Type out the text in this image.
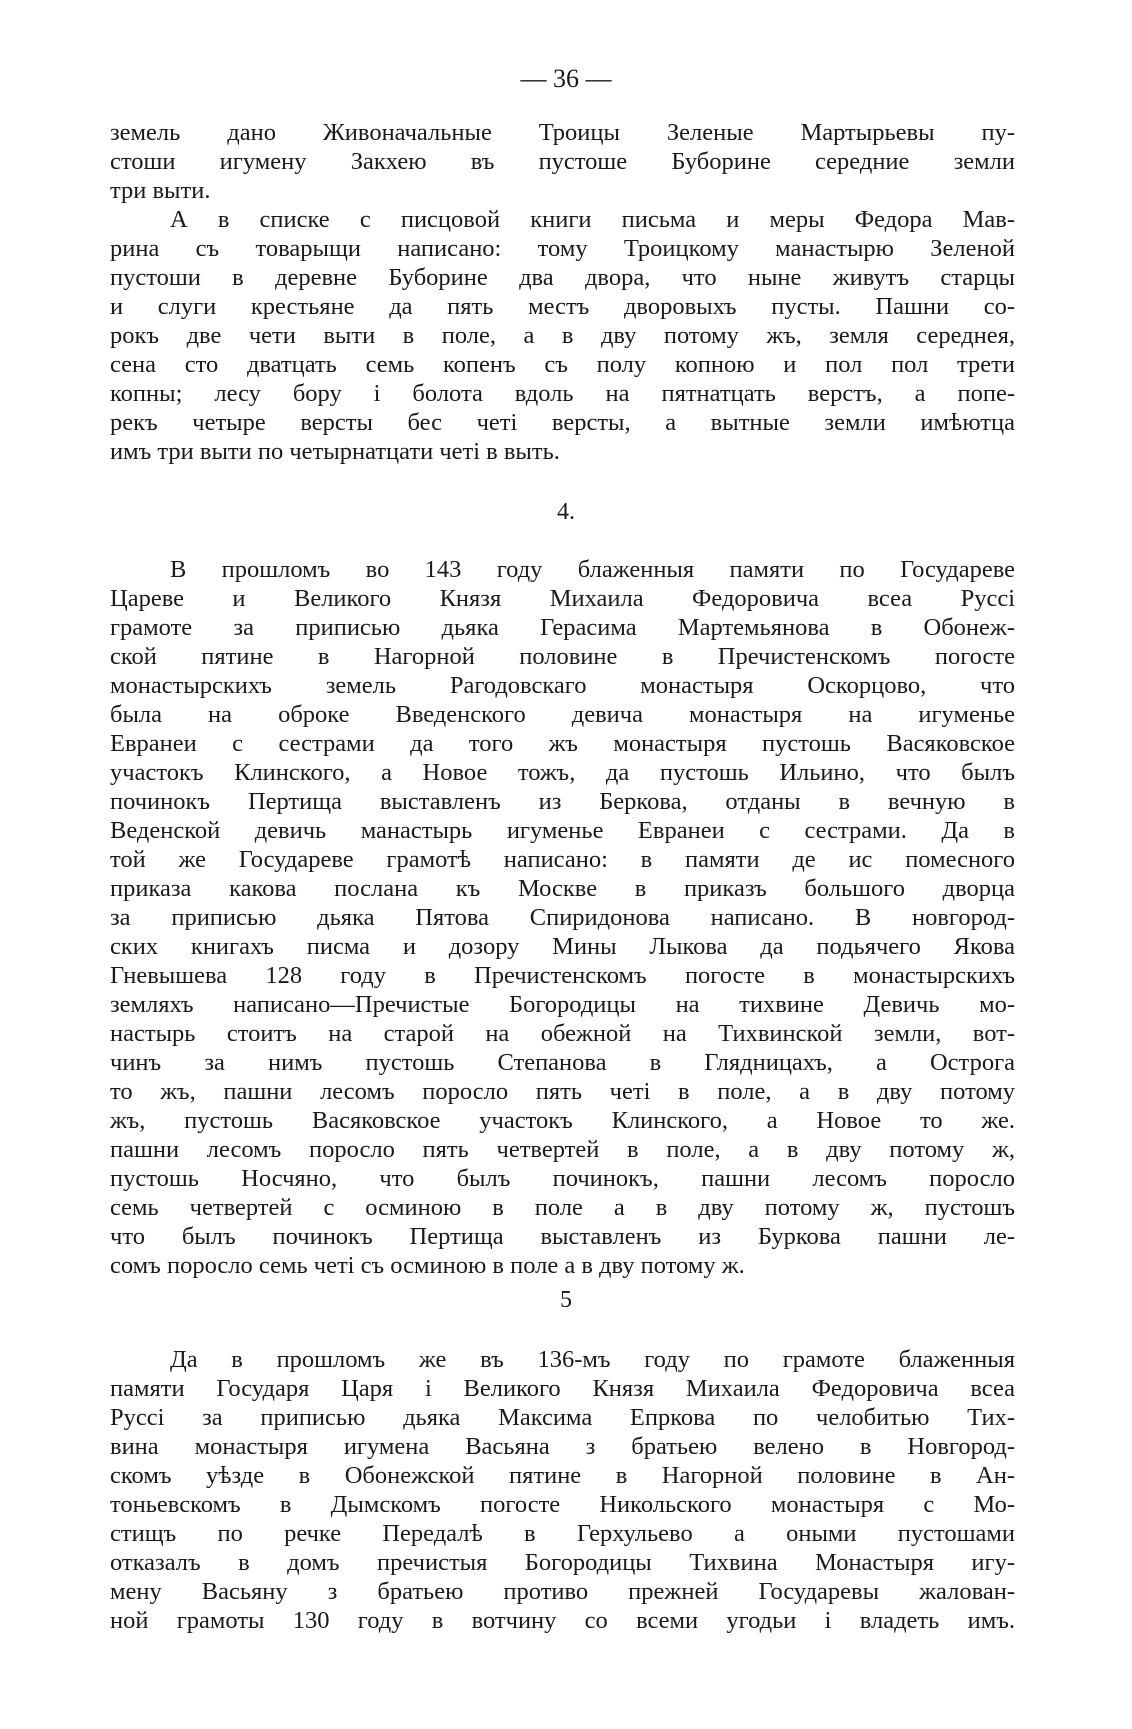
— 36 —
земель дано Живоначальные Троицы Зеленые Мартырьевы пу-
стоши игумену Закхею въ пустоше Буборине середние земли
три выти.
А в списке с писцовой книги письма и меры Федора Мав-
рина съ товарыщи написано: тому Троицкому манастырю Зеленой
пустоши в деревне Буборине два двора, что ныне живутъ старцы
и слуги крестьяне да пять местъ дворовыхъ пусты. Пашни со-
рокъ две чети выти в поле, а в дву потому жъ, земля середнея,
сена сто дватцать семь копенъ съ полу копною и пол пол трети
копны; лесу бору і болота вдоль на пятнатцать верстъ, а попе-
рекъ четыре версты бес четі версты, а вытные земли имѣютца
имъ три выти по четырнатцати четі в выть.
4.
В прошломъ во 143 году блаженныя памяти по Государеве
Цареве и Великого Князя Михаила Федоровича всеа Руссі
грамоте за приписью дьяка Герасима Мартемьянова в Обонеж-
ской пятине в Нагорной половине в Пречистенскомъ погосте
монастырскихъ земель Рагодовскаго монастыря Оскорцово, что
была на оброке Введенского девича монастыря на игуменье
Евранеи с сестрами да того жъ монастыря пустошь Васяковское
участокъ Клинского, а Новое тожъ, да пустошь Ильино, что былъ
починокъ Пертища выставленъ из Беркова, отданы в вечную в
Веденской девичь манастырь игуменье Евранеи с сестрами. Да в
той же Государеве грамотѣ написано: в памяти де ис помесного
приказа какова послана къ Москве в приказъ большого дворца
за приписью дьяка Пятова Спиридонова написано. В новгород-
ских книгахъ писма и дозору Мины Лыкова да подьячего Якова
Гневышева 128 году в Пречистенскомъ погосте в монастырскихъ
земляхъ написано—Пречистые Богородицы на тихвине Девичь мо-
настырь стоитъ на старой на обежной на Тихвинской земли, вот-
чинъ за нимъ пустошь Степанова в Глядницахъ, а Острога
то жъ, пашни лесомъ поросло пять четі в поле, а в дву потому
жъ, пустошь Васяковское участокъ Клинского, а Новое то же.
пашни лесомъ поросло пять четвертей в поле, а в дву потому ж,
пустошь Носчяно, что былъ починокъ, пашни лесомъ поросло
семь четвертей с осминою в поле а в дву потому ж, пустошъ
что былъ починокъ Пертища выставленъ из Буркова пашни ле-
сомъ поросло семь четі съ осминою в поле а в дву потому ж.
5
Да в прошломъ же въ 136-мъ году по грамоте блаженныя
памяти Государя Царя і Великого Князя Михаила Федоровича всеа
Руссі за приписью дьяка Максима Епркова по челобитью Тих-
вина монастыря игумена Васьяна з братьею велено в Новгород-
скомъ уѣзде в Обонежской пятине в Нагорной половине в Ан-
тоньевскомъ в Дымскомъ погосте Никольского монастыря с Мо-
стищъ по речке Передалѣ в Герхульево а оными пустошами
отказалъ в домъ пречистыя Богородицы Тихвина Монастыря игу-
мену Васьяну з братьею противо прежней Государевы жалован-
ной грамоты 130 году в вотчину со всеми угодьи і владеть имъ.
